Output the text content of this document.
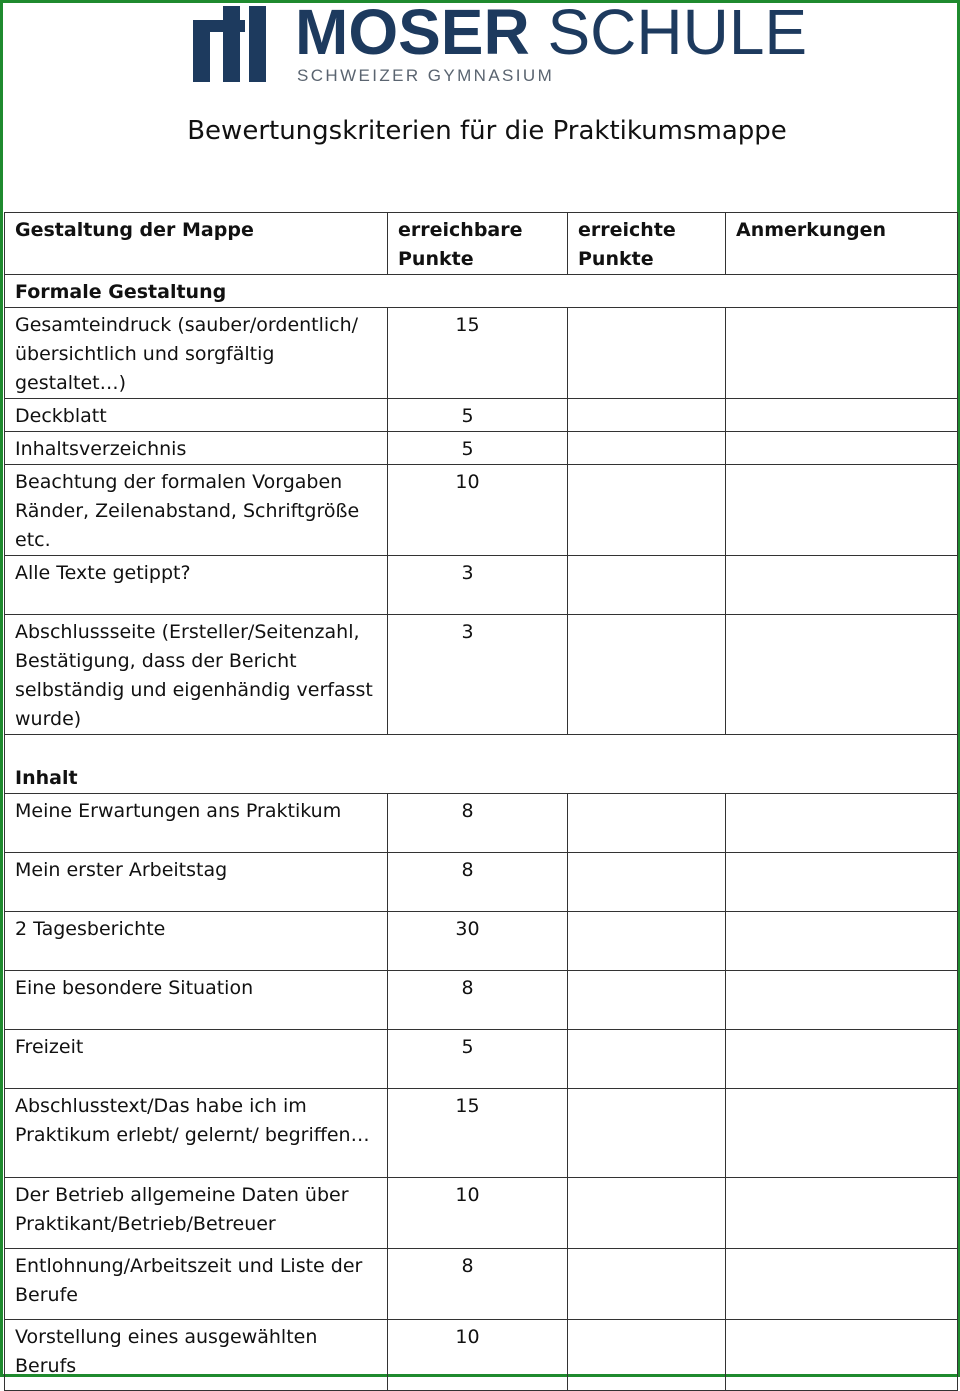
MOSER SCHULE
SCHWEIZER GYMNASIUM
Bewertungskriterien für die Praktikumsmappe
Gestaltung der Mappe	erreichbare Punkte	erreichte Punkte	Anmerkungen
Formale Gestaltung			
Gesamteindruck (sauber/ordentlich/übersichtlich und sorgfältig gestaltet…)	15		
Deckblatt	5		
Inhaltsverzeichnis	5		
Beachtung der formalen Vorgaben Ränder, Zeilenabstand, Schriftgröße etc.	10		
Alle Texte getippt?	3		
Abschlussseite (Ersteller/Seitenzahl, Bestätigung, dass der Bericht selbständig und eigenhändig verfasst wurde)	3		
Inhalt			
Meine Erwartungen ans Praktikum	8		
Mein erster Arbeitstag	8		
2 Tagesberichte	30		
Eine besondere Situation	8		
Freizeit	5		
Abschlusstext/Das habe ich im Praktikum erlebt/ gelernt/ begriffen…	15		
Der Betrieb allgemeine Daten über Praktikant/Betrieb/Betreuer	10		
Entlohnung/Arbeitszeit und Liste der Berufe	8		
Vorstellung eines ausgewählten Berufs	10		
